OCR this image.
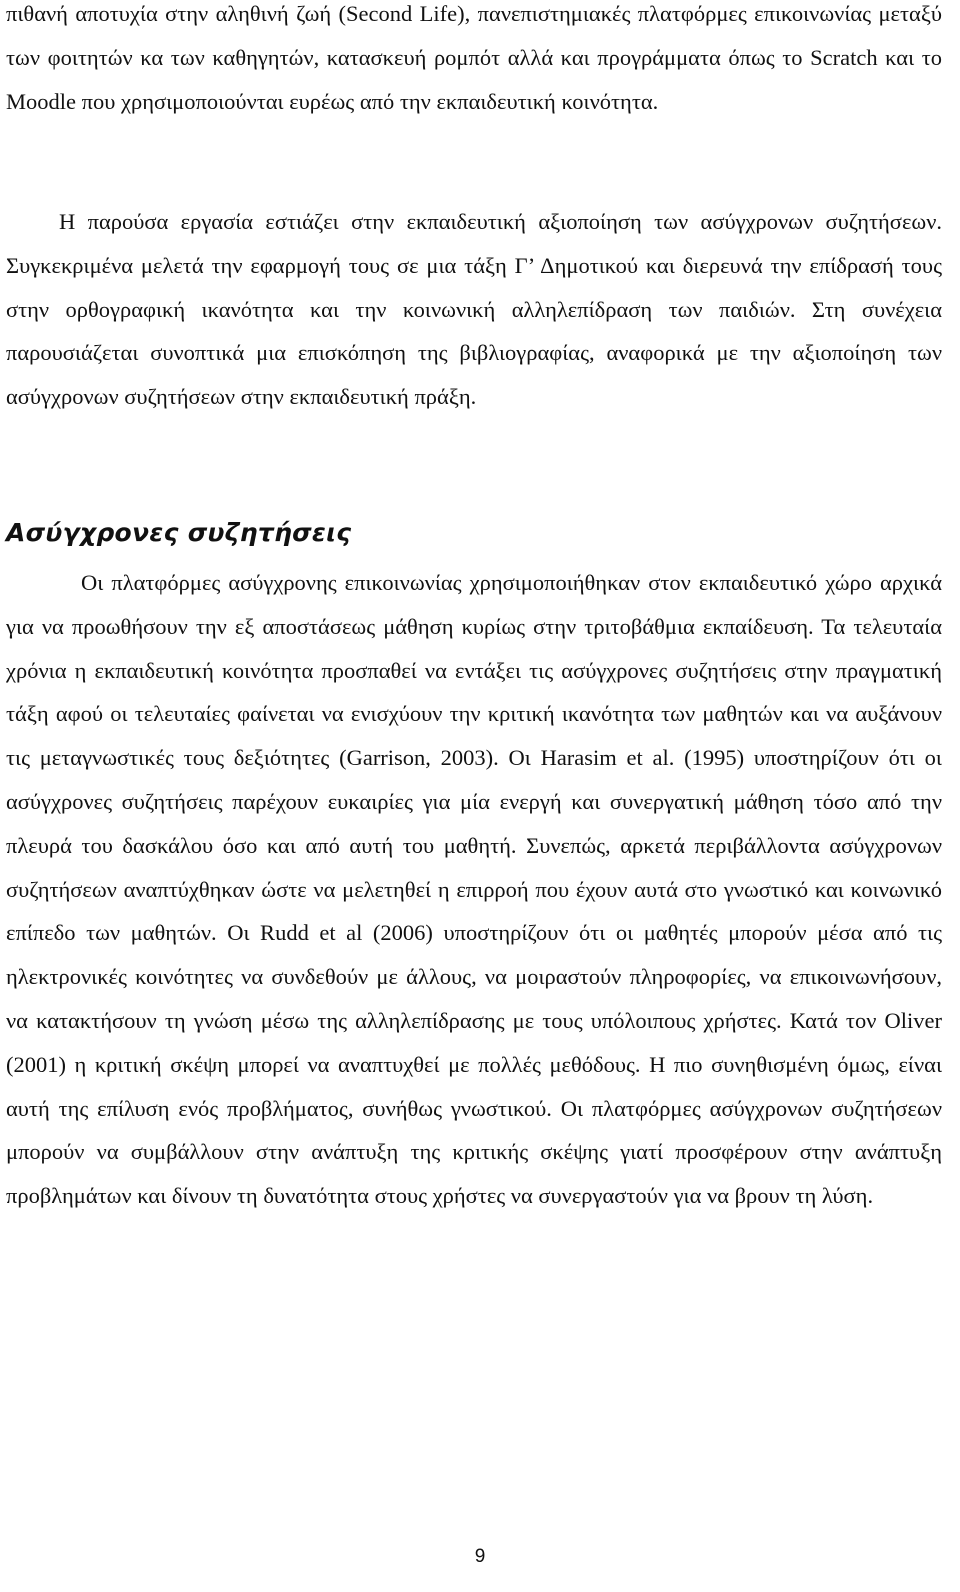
πιθανή αποτυχία στην αληθινή ζωή (Second Life), πανεπιστημιακές πλατφόρμες επικοινωνίας μεταξύ των φοιτητών κα των καθηγητών, κατασκευή ρομπότ αλλά και προγράμματα όπως το Scratch και το Moodle που χρησιμοποιούνται ευρέως από την εκπαιδευτική κοινότητα.

Η παρούσα εργασία εστιάζει στην εκπαιδευτική αξιοποίηση των ασύγχρονων συζητήσεων. Συγκεκριμένα μελετά την εφαρμογή τους σε μια τάξη Γ’ Δημοτικού και διερευνά την επίδρασή τους στην ορθογραφική ικανότητα και την κοινωνική αλληλεπίδραση των παιδιών. Στη συνέχεια παρουσιάζεται συνοπτικά μια επισκόπηση της βιβλιογραφίας, αναφορικά με την αξιοποίηση των ασύγχρονων συζητήσεων στην εκπαιδευτική πράξη.

Ασύγχρονες συζητήσεις

Οι πλατφόρμες ασύγχρονης επικοινωνίας χρησιμοποιήθηκαν στον εκπαιδευτικό χώρο αρχικά για να προωθήσουν την εξ αποστάσεως μάθηση κυρίως στην τριτοβάθμια εκπαίδευση. Τα τελευταία χρόνια η εκπαιδευτική κοινότητα προσπαθεί να εντάξει τις ασύγχρονες συζητήσεις στην πραγματική τάξη αφού οι τελευταίες φαίνεται να ενισχύουν την κριτική ικανότητα των μαθητών και να αυξάνουν τις μεταγνωστικές τους δεξιότητες (Garrison, 2003). Οι Harasim et al. (1995) υποστηρίζουν ότι οι ασύγχρονες συζητήσεις παρέχουν ευκαιρίες για μία ενεργή και συνεργατική μάθηση τόσο από την πλευρά του δασκάλου όσο και από αυτή του μαθητή. Συνεπώς, αρκετά περιβάλλοντα ασύγχρονων συζητήσεων αναπτύχθηκαν ώστε να μελετηθεί η επιρροή που έχουν αυτά στο γνωστικό και κοινωνικό επίπεδο των μαθητών. Οι Rudd et al (2006) υποστηρίζουν ότι οι μαθητές μπορούν μέσα από τις ηλεκτρονικές κοινότητες να συνδεθούν με άλλους, να μοιραστούν πληροφορίες, να επικοινωνήσουν, να κατακτήσουν τη γνώση μέσω της αλληλεπίδρασης με τους υπόλοιπους χρήστες. Κατά τον Oliver (2001) η κριτική σκέψη μπορεί να αναπτυχθεί με πολλές μεθόδους. Η πιο συνηθισμένη όμως, είναι αυτή της επίλυση ενός προβλήματος, συνήθως γνωστικού. Οι πλατφόρμες ασύγχρονων συζητήσεων μπορούν να συμβάλλουν στην ανάπτυξη της κριτικής σκέψης γιατί προσφέρουν στην ανάπτυξη προβλημάτων και δίνουν τη δυνατότητα στους χρήστες να συνεργαστούν για να βρουν τη λύση.

9
